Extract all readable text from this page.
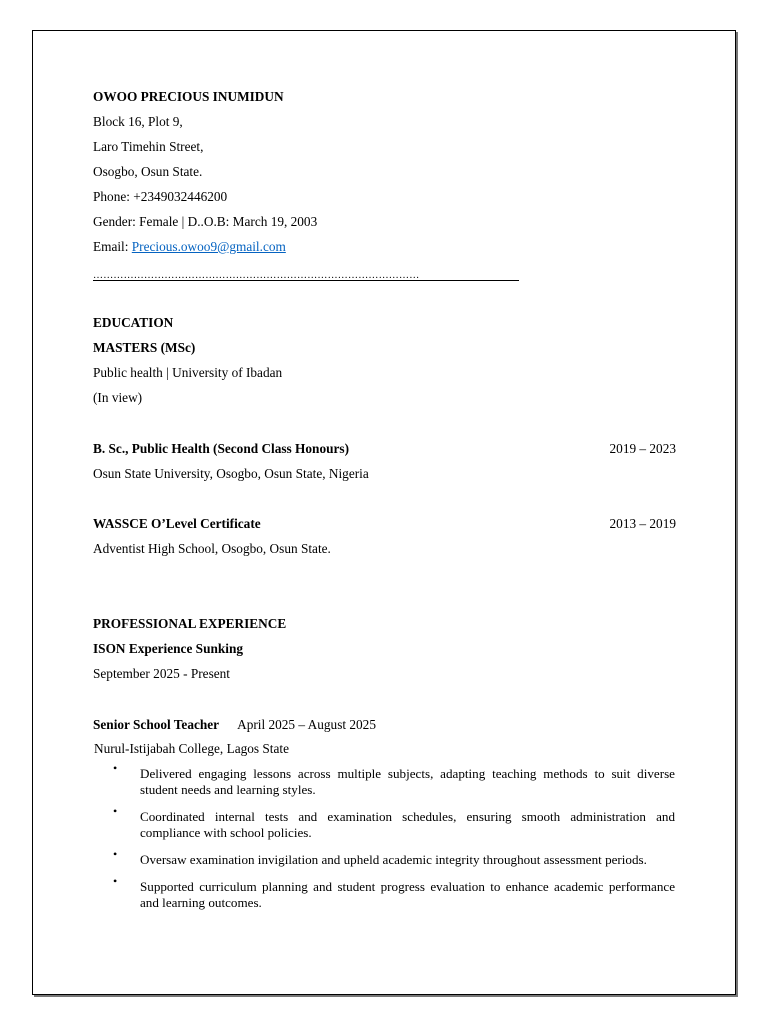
OWOO PRECIOUS INUMIDUN
Block 16, Plot 9,
Laro Timehin Street,
Osogbo, Osun State.
Phone: +2349032446200
Gender: Female | D..O.B: March 19, 2003
Email: Precious.owoo9@gmail.com
……………………………………………………………………………………
EDUCATION
MASTERS (MSc)
Public health | University of Ibadan
(In view)
B. Sc., Public Health (Second Class Honours)	2019 – 2023
Osun State University, Osogbo, Osun State, Nigeria
WASSCE O’Level Certificate	2013 – 2019
Adventist High School, Osogbo, Osun State.
PROFESSIONAL EXPERIENCE
ISON Experience Sunking
September 2025 - Present
Senior School Teacher April 2025 – August 2025
Nurul-Istijabah College, Lagos State
• Delivered engaging lessons across multiple subjects, adapting teaching methods to suit diverse student needs and learning styles.
• Coordinated internal tests and examination schedules, ensuring smooth administration and compliance with school policies.
• Oversaw examination invigilation and upheld academic integrity throughout assessment periods.
• Supported curriculum planning and student progress evaluation to enhance academic performance and learning outcomes.
